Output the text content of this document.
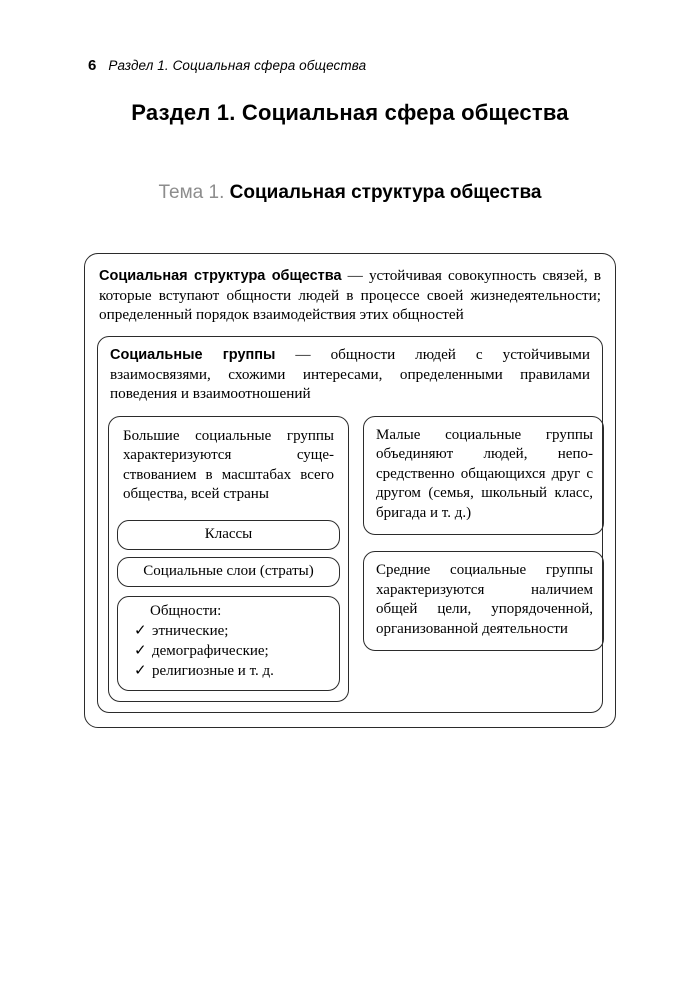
6 Раздел 1. Социальная сфера общества
Раздел 1. Социальная сфера общества
Тема 1. Социальная структура общества
Социальная структура общества — устойчивая совокупность связей, в которые вступают общности людей в процессе своей жизнедеятельности; определенный порядок взаимодействия этих общностей
Социальные группы — общности людей с устойчивыми взаимосвязями, схожими интересами, определенными правилами поведения и взаимоотношений
Большие социальные группы характеризуются существованием в масштабах всего общества, всей страны
Классы
Социальные слои (страты)
Общности:
✓ этнические;
✓ демографические;
✓ религиозные и т. д.
Малые социальные группы объединяют людей, непосредственно общающихся друг с другом (семья, школьный класс, бригада и т. д.)
Средние социальные группы характеризуются наличием общей цели, упорядоченной, организованной деятельности
